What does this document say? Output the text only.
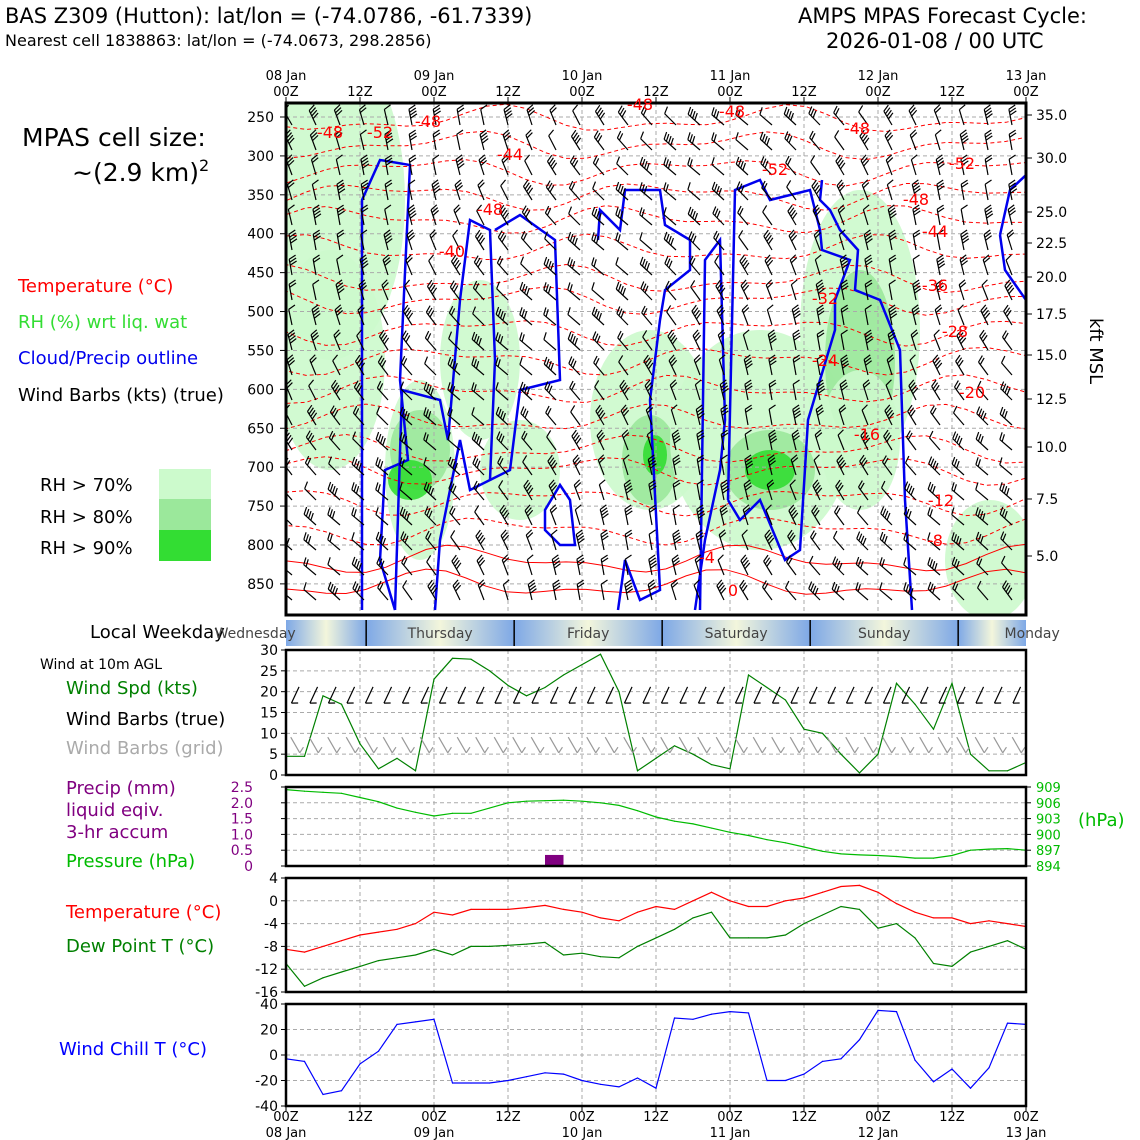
BAS Z309 (Hutton): lat/lon = (-74.0786, -61.7339)
Nearest cell 1838863: lat/lon = (-74.0673, 298.2856)
AMPS MPAS Forecast Cycle:
2026-01-08 / 00 UTC
MPAS cell size:
~(2.9 km)$^2$
Temperature (°C)
RH (%) wrt liq. wat
Cloud/Precip outline
Wind Barbs (kts) (true)
RH > 70%
RH > 80%
RH > 90%
250
300
350
400
450
500
550
600
650
700
750
800
850
35.0
30.0
25.0
22.5
20.0
17.5
15.0
12.5
10.0
7.5
5.0
00Z
08 Jan
12Z	00Z
09 Jan
12Z	00Z
10 Jan
12Z	00Z
11 Jan
12Z	00Z
12 Jan
12Z	00Z
13 Jan
-48 -52
-48
-44
-48
-48	-48
-52
-48
-52
-48
-40
-44
-36
-32
-28
-24
-20
-16
-12
-8
-4
0
kft MSL
Local Weekday
Wednesday	Thursday	Friday	Saturday	Sunday	Monday
Wind at 10m AGL
Wind Spd (kts)
Wind Barbs (true)
Wind Barbs (grid)
30
25
20
15
10
5
0
Precip (mm)
liquid eqiv.
3-hr accum
Pressure (hPa)
(hPa)
2.5
2.0
1.5
1.0
0.5
0
909
906
903
900
897
894
Temperature (°C)
Dew Point T (°C)
4
0
-4
-8
-12
-16
Wind Chill T (°C)
40
20
0
-20
-40
00Z
08 Jan
12Z	00Z
09 Jan
12Z	00Z
10 Jan
12Z	00Z
11 Jan
12Z	00Z
12 Jan
12Z	00Z
13 Jan
